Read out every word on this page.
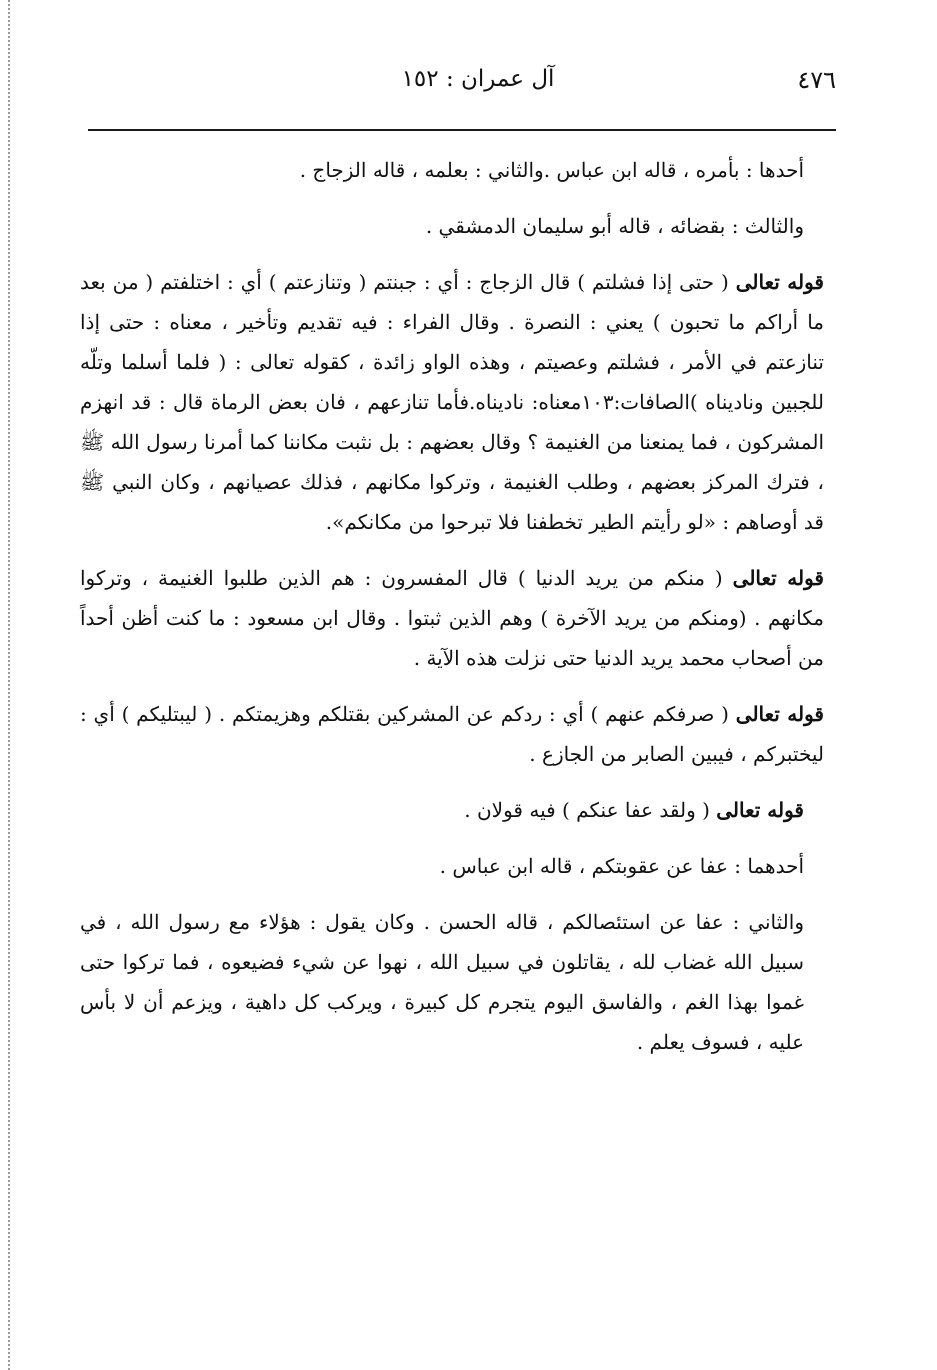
٤٧٦
آل عمران : ١٥٢

أحدها : بأمره ، قاله ابن عباس .والثاني : بعلمه ، قاله الزجاج .

والثالث : بقضائه ، قاله أبو سليمان الدمشقي .

قوله تعالى ( حتى إذا فشلتم ) قال الزجاج : أي : جبنتم ( وتنازعتم ) أي : اختلفتم ( من بعد ما أراكم ما تحبون ) يعني : النصرة . وقال الفراء : فيه تقديم وتأخير ، معناه : حتى إذا تنازعتم في الأمر ، فشلتم وعصيتم ، وهذه الواو زائدة ، كقوله تعالى : ( فلما أسلما وتلّه للجبين وناديناه )الصافات:١٠٣معناه: ناديناه.فأما تنازعهم ، فان بعض الرماة قال : قد انهزم المشركون ، فما يمنعنا من الغنيمة ؟ وقال بعضهم : بل نثبت مكاننا كما أمرنا رسول الله ﷺ ، فترك المركز بعضهم ، وطلب الغنيمة ، وتركوا مكانهم ، فذلك عصيانهم ، وكان النبي ﷺ قد أوصاهم : «لو رأيتم الطير تخطفنا فلا تبرحوا من مكانكم».

قوله تعالى ( منكم من يريد الدنيا ) قال المفسرون : هم الذين طلبوا الغنيمة ، وتركوا مكانهم . (ومنكم من يريد الآخرة ) وهم الذين ثبتوا . وقال ابن مسعود : ما كنت أظن أحداً من أصحاب محمد يريد الدنيا حتى نزلت هذه الآية .

قوله تعالى ( صرفكم عنهم ) أي : ردكم عن المشركين بقتلكم وهزيمتكم . ( ليبتليكم ) أي : ليختبركم ، فيبين الصابر من الجازع .

قوله تعالى ( ولقد عفا عنكم ) فيه قولان .

أحدهما : عفا عن عقوبتكم ، قاله ابن عباس .

والثاني : عفا عن استئصالكم ، قاله الحسن . وكان يقول : هؤلاء مع رسول الله ، في سبيل الله غضاب لله ، يقاتلون في سبيل الله ، نهوا عن شيء فضيعوه ، فما تركوا حتى غموا بهذا الغم ، والفاسق اليوم يتجرم كل كبيرة ، ويركب كل داهية ، ويزعم أن لا بأس عليه ، فسوف يعلم .
